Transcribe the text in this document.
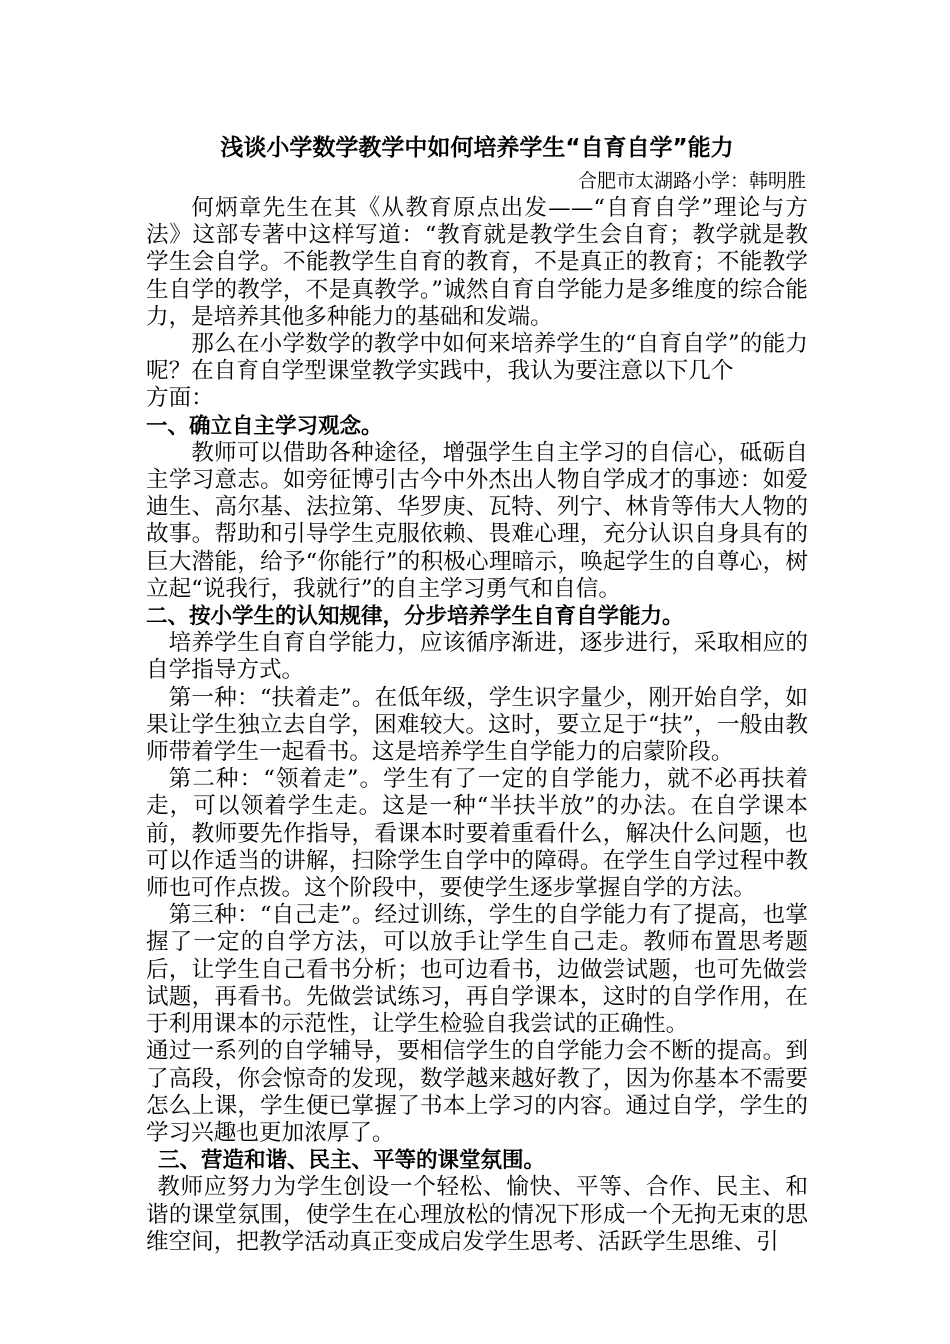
浅谈小学数学教学中如何培养学生“自育自学”能力
合肥市太湖路小学：韩明胜

何炳章先生在其《从教育原点出发——“自育自学”理论与方法》这部专著中这样写道：“教育就是教学生会自育；教学就是教学生会自学。不能教学生自育的教育，不是真正的教育；不能教学生自学的教学，不是真教学。”诚然自育自学能力是多维度的综合能力，是培养其他多种能力的基础和发端。

那么在小学数学的教学中如何来培养学生的“自育自学”的能力呢？在自育自学型课堂教学实践中，我认为要注意以下几个

方面：

一、确立自主学习观念。

教师可以借助各种途径，增强学生自主学习的自信心，砥砺自主学习意志。如旁征博引古今中外杰出人物自学成才的事迹：如爱迪生、高尔基、法拉第、华罗庚、瓦特、列宁、林肯等伟大人物的故事。帮助和引导学生克服依赖、畏难心理，充分认识自身具有的巨大潜能，给予“你能行”的积极心理暗示，唤起学生的自尊心，树立起“说我行，我就行”的自主学习勇气和自信。

二、按小学生的认知规律，分步培养学生自育自学能力。

培养学生自育自学能力，应该循序渐进，逐步进行，采取相应的自学指导方式。

第一种：“扶着走”。在低年级，学生识字量少，刚开始自学，如果让学生独立去自学，困难较大。这时，要立足于“扶”，一般由教师带着学生一起看书。这是培养学生自学能力的启蒙阶段。

第二种：“领着走”。学生有了一定的自学能力，就不必再扶着走，可以领着学生走。这是一种“半扶半放”的办法。在自学课本前，教师要先作指导，看课本时要着重看什么，解决什么问题，也可以作适当的讲解，扫除学生自学中的障碍。在学生自学过程中教师也可作点拨。这个阶段中，要使学生逐步掌握自学的方法。

第三种：“自己走”。经过训练，学生的自学能力有了提高，也掌握了一定的自学方法，可以放手让学生自己走。教师布置思考题后，让学生自己看书分析；也可边看书，边做尝试题，也可先做尝试题，再看书。先做尝试练习，再自学课本，这时的自学作用，在于利用课本的示范性，让学生检验自我尝试的正确性。

通过一系列的自学辅导，要相信学生的自学能力会不断的提高。到了高段，你会惊奇的发现，数学越来越好教了，因为你基本不需要怎么上课，学生便已掌握了书本上学习的内容。通过自学，学生的学习兴趣也更加浓厚了。

三、营造和谐、民主、平等的课堂氛围。

教师应努力为学生创设一个轻松、愉快、平等、合作、民主、和谐的课堂氛围，使学生在心理放松的情况下形成一个无拘无束的思维空间，把教学活动真正变成启发学生思考、活跃学生思维、引
